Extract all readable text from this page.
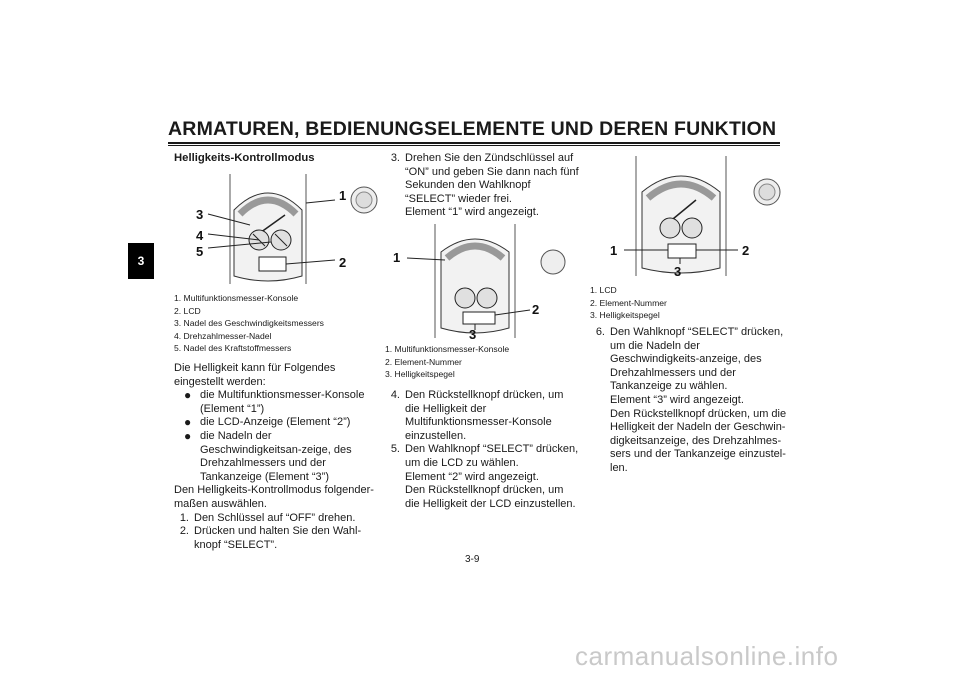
ARMATUREN, BEDIENUNGSELEMENTE UND DEREN FUNKTION
3
Helligkeits-Kontrollmodus
1
2
3
4
5
1. Multifunktionsmesser-Konsole
2. LCD
3. Nadel des Geschwindigkeitsmessers
4. Drehzahlmesser-Nadel
5. Nadel des Kraftstoffmessers
Die Helligkeit kann für Folgendes eingestellt werden:
● die Multifunktionsmesser-Konsole (Element “1”)
● die LCD-Anzeige (Element “2”)
● die Nadeln der Geschwindigkeitsan-zeige, des Drehzahlmessers und der Tankanzeige (Element “3”)
Den Helligkeits-Kontrollmodus folgender-maßen auswählen.
1. Den Schlüssel auf “OFF” drehen.
2. Drücken und halten Sie den Wahl-knopf “SELECT”.
3. Drehen Sie den Zündschlüssel auf “ON” und geben Sie dann nach fünf Sekunden den Wahlknopf “SELECT” wieder frei.
Element “1” wird angezeigt.
1
2
3
1. Multifunktionsmesser-Konsole
2. Element-Nummer
3. Helligkeitspegel
4. Den Rückstellknopf drücken, um die Helligkeit der Multifunktionsmesser-Konsole einzustellen.
5. Den Wahlknopf “SELECT” drücken, um die LCD zu wählen.
Element “2” wird angezeigt.
Den Rückstellknopf drücken, um die Helligkeit der LCD einzustellen.
1	2
3
1. LCD
2. Element-Nummer
3. Helligkeitspegel
6. Den Wahlknopf “SELECT” drücken, um die Nadeln der Geschwindigkeits-anzeige, des Drehzahlmessers und der Tankanzeige zu wählen.
Element “3” wird angezeigt.
Den Rückstellknopf drücken, um die Helligkeit der Nadeln der Geschwin-digkeitsanzeige, des Drehzahlmes-sers und der Tankanzeige einzustel-len.
3-9
carmanualsonline.info
